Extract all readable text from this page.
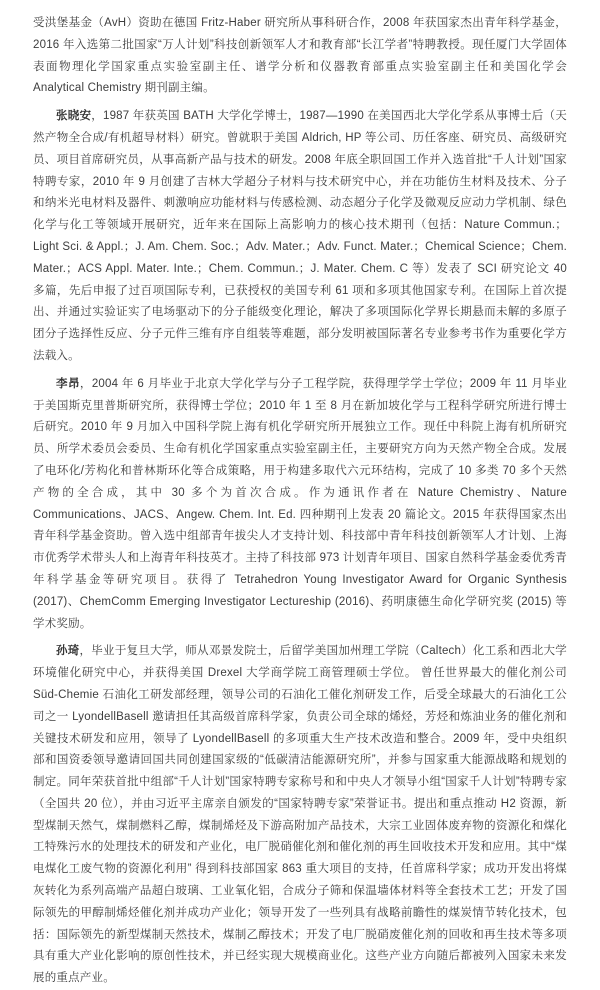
受洪堡基金（AvH）资助在德国 Fritz-Haber 研究所从事科研合作，2008 年获国家杰出青年科学基金，2016 年入选第二批国家“万人计划”科技创新领军人才和教育部“长江学者”特聘教授。现任厦门大学固体表面物理化学国家重点实验室副主任、谱学分析和仪器教育部重点实验室副主任和美国化学会 Analytical Chemistry 期刊副主编。

张晓安，1987 年获英国 BATH 大学化学博士，1987—1990 在美国西北大学化学系从事博士后（天然产物全合成/有机超导材料）研究。曾就职于美国 Aldrich, HP 等公司、历任客座、研究员、高级研究员、项目首席研究员，从事高新产品与技术的研发。2008 年底全职回国工作并入选首批“千人计划”国家特聘专家，2010 年 9 月创建了吉林大学超分子材料与技术研究中心，并在功能仿生材料及技术、分子和纳米光电材料及器件、刺激响应功能材料与传感检测、动态超分子化学及微观反应动力学机制、绿色化学与化工等领域开展研究，近年来在国际上高影响力的核心技术期刊（包括：Nature Commun.；Light Sci. & Appl.；J. Am. Chem. Soc.；Adv. Mater.；Adv. Funct. Mater.；Chemical Science；Chem. Mater.；ACS Appl. Mater. Inte.；Chem. Commun.；J. Mater. Chem. C 等）发表了 SCI 研究论文 40 多篇，先后申报了过百项国际专利，已获授权的美国专利 61 项和多项其他国家专利。在国际上首次提出、并通过实验证实了电场驱动下的分子能级变化理论，解决了多项国际化学界长期悬而未解的多原子团分子选择性反应、分子元件三维有序自组装等难题，部分发明被国际著名专业参考书作为重要化学方法载入。

李昂，2004 年 6 月毕业于北京大学化学与分子工程学院，获得理学学士学位；2009 年 11 月毕业于美国斯克里普斯研究所，获得博士学位；2010 年 1 至 8 月在新加坡化学与工程科学研究所进行博士后研究。2010 年 9 月加入中国科学院上海有机化学研究所开展独立工作。现任中科院上海有机所研究员、所学术委员会委员、生命有机化学国家重点实验室副主任，主要研究方向为天然产物全合成。发展了电环化/芳构化和普林斯环化等合成策略，用于构建多取代六元环结构，完成了 10 多类 70 多个天然产物的全合成，其中 30 多个为首次合成。作为通讯作者在 Nature Chemistry、Nature Communications、JACS、Angew. Chem. Int. Ed. 四种期刊上发表 20 篇论文。2015 年获得国家杰出青年科学基金资助。曾入选中组部青年拔尖人才支持计划、科技部中青年科技创新领军人才计划、上海市优秀学术带头人和上海青年科技英才。主持了科技部 973 计划青年项目、国家自然科学基金委优秀青年科学基金等研究项目。获得了 Tetrahedron Young Investigator Award for Organic Synthesis (2017)、ChemComm Emerging Investigator Lectureship (2016)、药明康德生命化学研究奖 (2015) 等学术奖励。

孙琦，毕业于复旦大学，师从邓景发院士，后留学美国加州理工学院（Caltech）化工系和西北大学环境催化研究中心，并获得美国 Drexel 大学商学院工商管理硕士学位。 曾任世界最大的催化剂公司 Süd-Chemie 石油化工研发部经理，领导公司的石油化工催化剂研发工作，后受全球最大的石油化工公司之一 LyondellBasell 邀请担任其高级首席科学家，负责公司全球的烯烃，芳烃和炼油业务的催化剂和关键技术研发和应用，领导了 LyondellBasell 的多项重大生产技术改造和整合。2009 年，受中央组织部和国资委领导邀请回国共同创建国家级的“低碳清洁能源研究所”，并参与国家重大能源战略和规划的制定。同年荣获首批中组部“千人计划”国家特聘专家称号和和中央人才领导小组“国家千人计划”特聘专家（全国共 20 位），并由习近平主席亲自颁发的“国家特聘专家”荣誉证书。提出和重点推动 H2 资源，新型煤制天然气，煤制燃料乙醇，煤制烯烃及下游高附加产品技术，大宗工业固体废弃物的资源化和煤化工特殊污水的处理技术的研发和产业化，电厂脱硝催化剂和催化剂的再生回收技术开发和应用。其中“煤电煤化工废气物的资源化利用” 得到科技部国家 863 重大项目的支持，任首席科学家；成功开发出将煤灰转化为系列高端产品超白玻璃、工业氧化铝，合成分子筛和保温墙体材料等全套技术工艺；开发了国际领先的甲醇制烯烃催化剂并成功产业化；领导开发了一些列具有战略前瞻性的煤炭情节转化技术，包括：国际领先的新型煤制天然技术，煤制乙醇技术；开发了电厂脱硝废催化剂的回收和再生技术等多项具有重大产业化影响的原创性技术，并已经实现大规模商业化。这些产业方向随后都被列入国家未来发展的重点产业。
